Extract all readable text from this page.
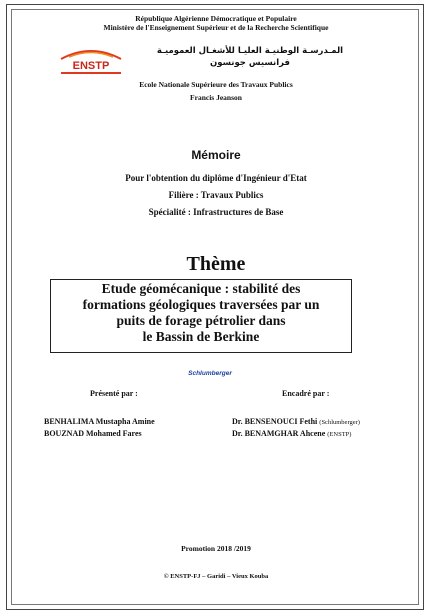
République Algérienne Démocratique et Populaire
Ministère de l'Enseignement Supérieur et de la Recherche Scientifique
ENSTP
المـدرسـة الوطنيـة العليـا للأشغـال العموميـة
فرانسيس جونسون
Ecole Nationale Supérieure des Travaux Publics
Francis Jeanson
Mémoire
Pour l'obtention du diplôme d'Ingénieur d'Etat
Filière : Travaux Publics
Spécialité : Infrastructures de Base
Thème
Etude géomécanique : stabilité des
formations géologiques traversées par un
puits de forage pétrolier dans
le Bassin de Berkine
Schlumberger
Présenté par :	Encadré par :
BENHALIMA Mustapha Amine
BOUZNAD Mohamed Fares
Dr. BENSENOUCI Fethi (Schlumberger)
Dr. BENAMGHAR Ahcene (ENSTP)
Promotion 2018 /2019
© ENSTP-FJ – Garidi – Vieux Kouba
